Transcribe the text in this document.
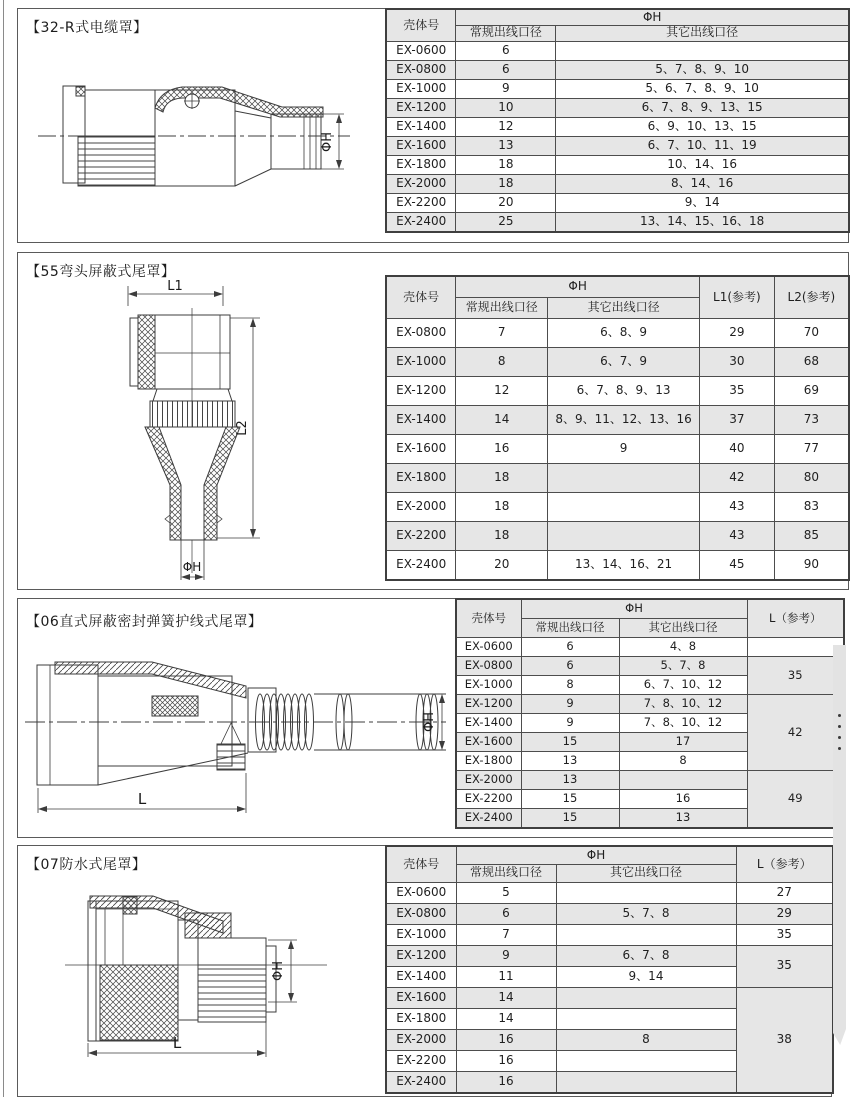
【32-R式电缆罩】
ΦH
壳体号	ΦH	
	常规出线口径	其它出线口径
EX-0600	6	
EX-0800	6	5、7、8、9、10
EX-1000	9	5、6、7、8、9、10
EX-1200	10	6、7、8、9、13、15
EX-1400	12	6、9、10、13、15
EX-1600	13	6、7、10、11、19
EX-1800	18	10、14、16
EX-2000	18	8、14、16
EX-2200	20	9、14
EX-2400	25	13、14、15、16、18
【55弯头屏蔽式尾罩】
L1
ΦH
L2
壳体号	ΦH		L1(参考)	L2(参考)
	常规出线口径	其它出线口径		
EX-0800	7	6、8、9	29	70
EX-1000	8	6、7、9	30	68
EX-1200	12	6、7、8、9、13	35	69
EX-1400	14	8、9、11、12、13、16	37	73
EX-1600	16	9	40	77
EX-1800	18		42	80
EX-2000	18		43	83
EX-2200	18		43	85
EX-2400	20	13、14、16、21	45	90
【06直式屏蔽密封弹簧护线式尾罩】
ΦH
L
壳体号	ΦH		L（参考）
	常规出线口径	其它出线口径	
EX-0600	6	4、8	
EX-0800	6	5、7、8	35
EX-1000	8	6、7、10、12	
EX-1200	9	7、8、10、12	42
EX-1400	9	7、8、10、12	
EX-1600	15	17	
EX-1800	13	8	
EX-2000	13		49
EX-2200	15	16	
EX-2400	15	13	
【07防水式尾罩】
ΦH
L
壳体号	ΦH		L（参考）
	常规出线口径	其它出线口径	
EX-0600	5		27
EX-0800	6	5、7、8	29
EX-1000	7		35
EX-1200	9	6、7、8	35
EX-1400	11	9、14	
EX-1600	14		38
EX-1800	14		
EX-2000	16	8	
EX-2200	16		
EX-2400	16		
